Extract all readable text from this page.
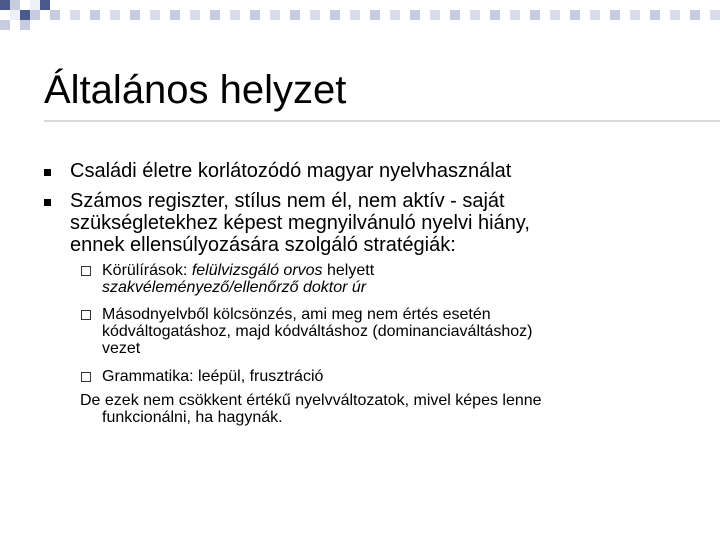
Általános helyzet
Családi életre korlátozódó magyar nyelvhasználat
Számos regiszter, stílus nem él, nem aktív - saját
szükségletekhez képest megnyilvánuló nyelvi hiány,
ennek ellensúlyozására szolgáló stratégiák:
Körülírások: felülvizsgáló orvos helyett
szakvéleményező/ellenőrző doktor úr
Másodnyelvből kölcsönzés, ami meg nem értés esetén
kódváltogatáshoz, majd kódváltáshoz (dominanciaváltáshoz)
vezet
Grammatika: leépül, frusztráció
De ezek nem csökkent értékű nyelvváltozatok, mivel képes lenne
funkcionálni, ha hagynák.
